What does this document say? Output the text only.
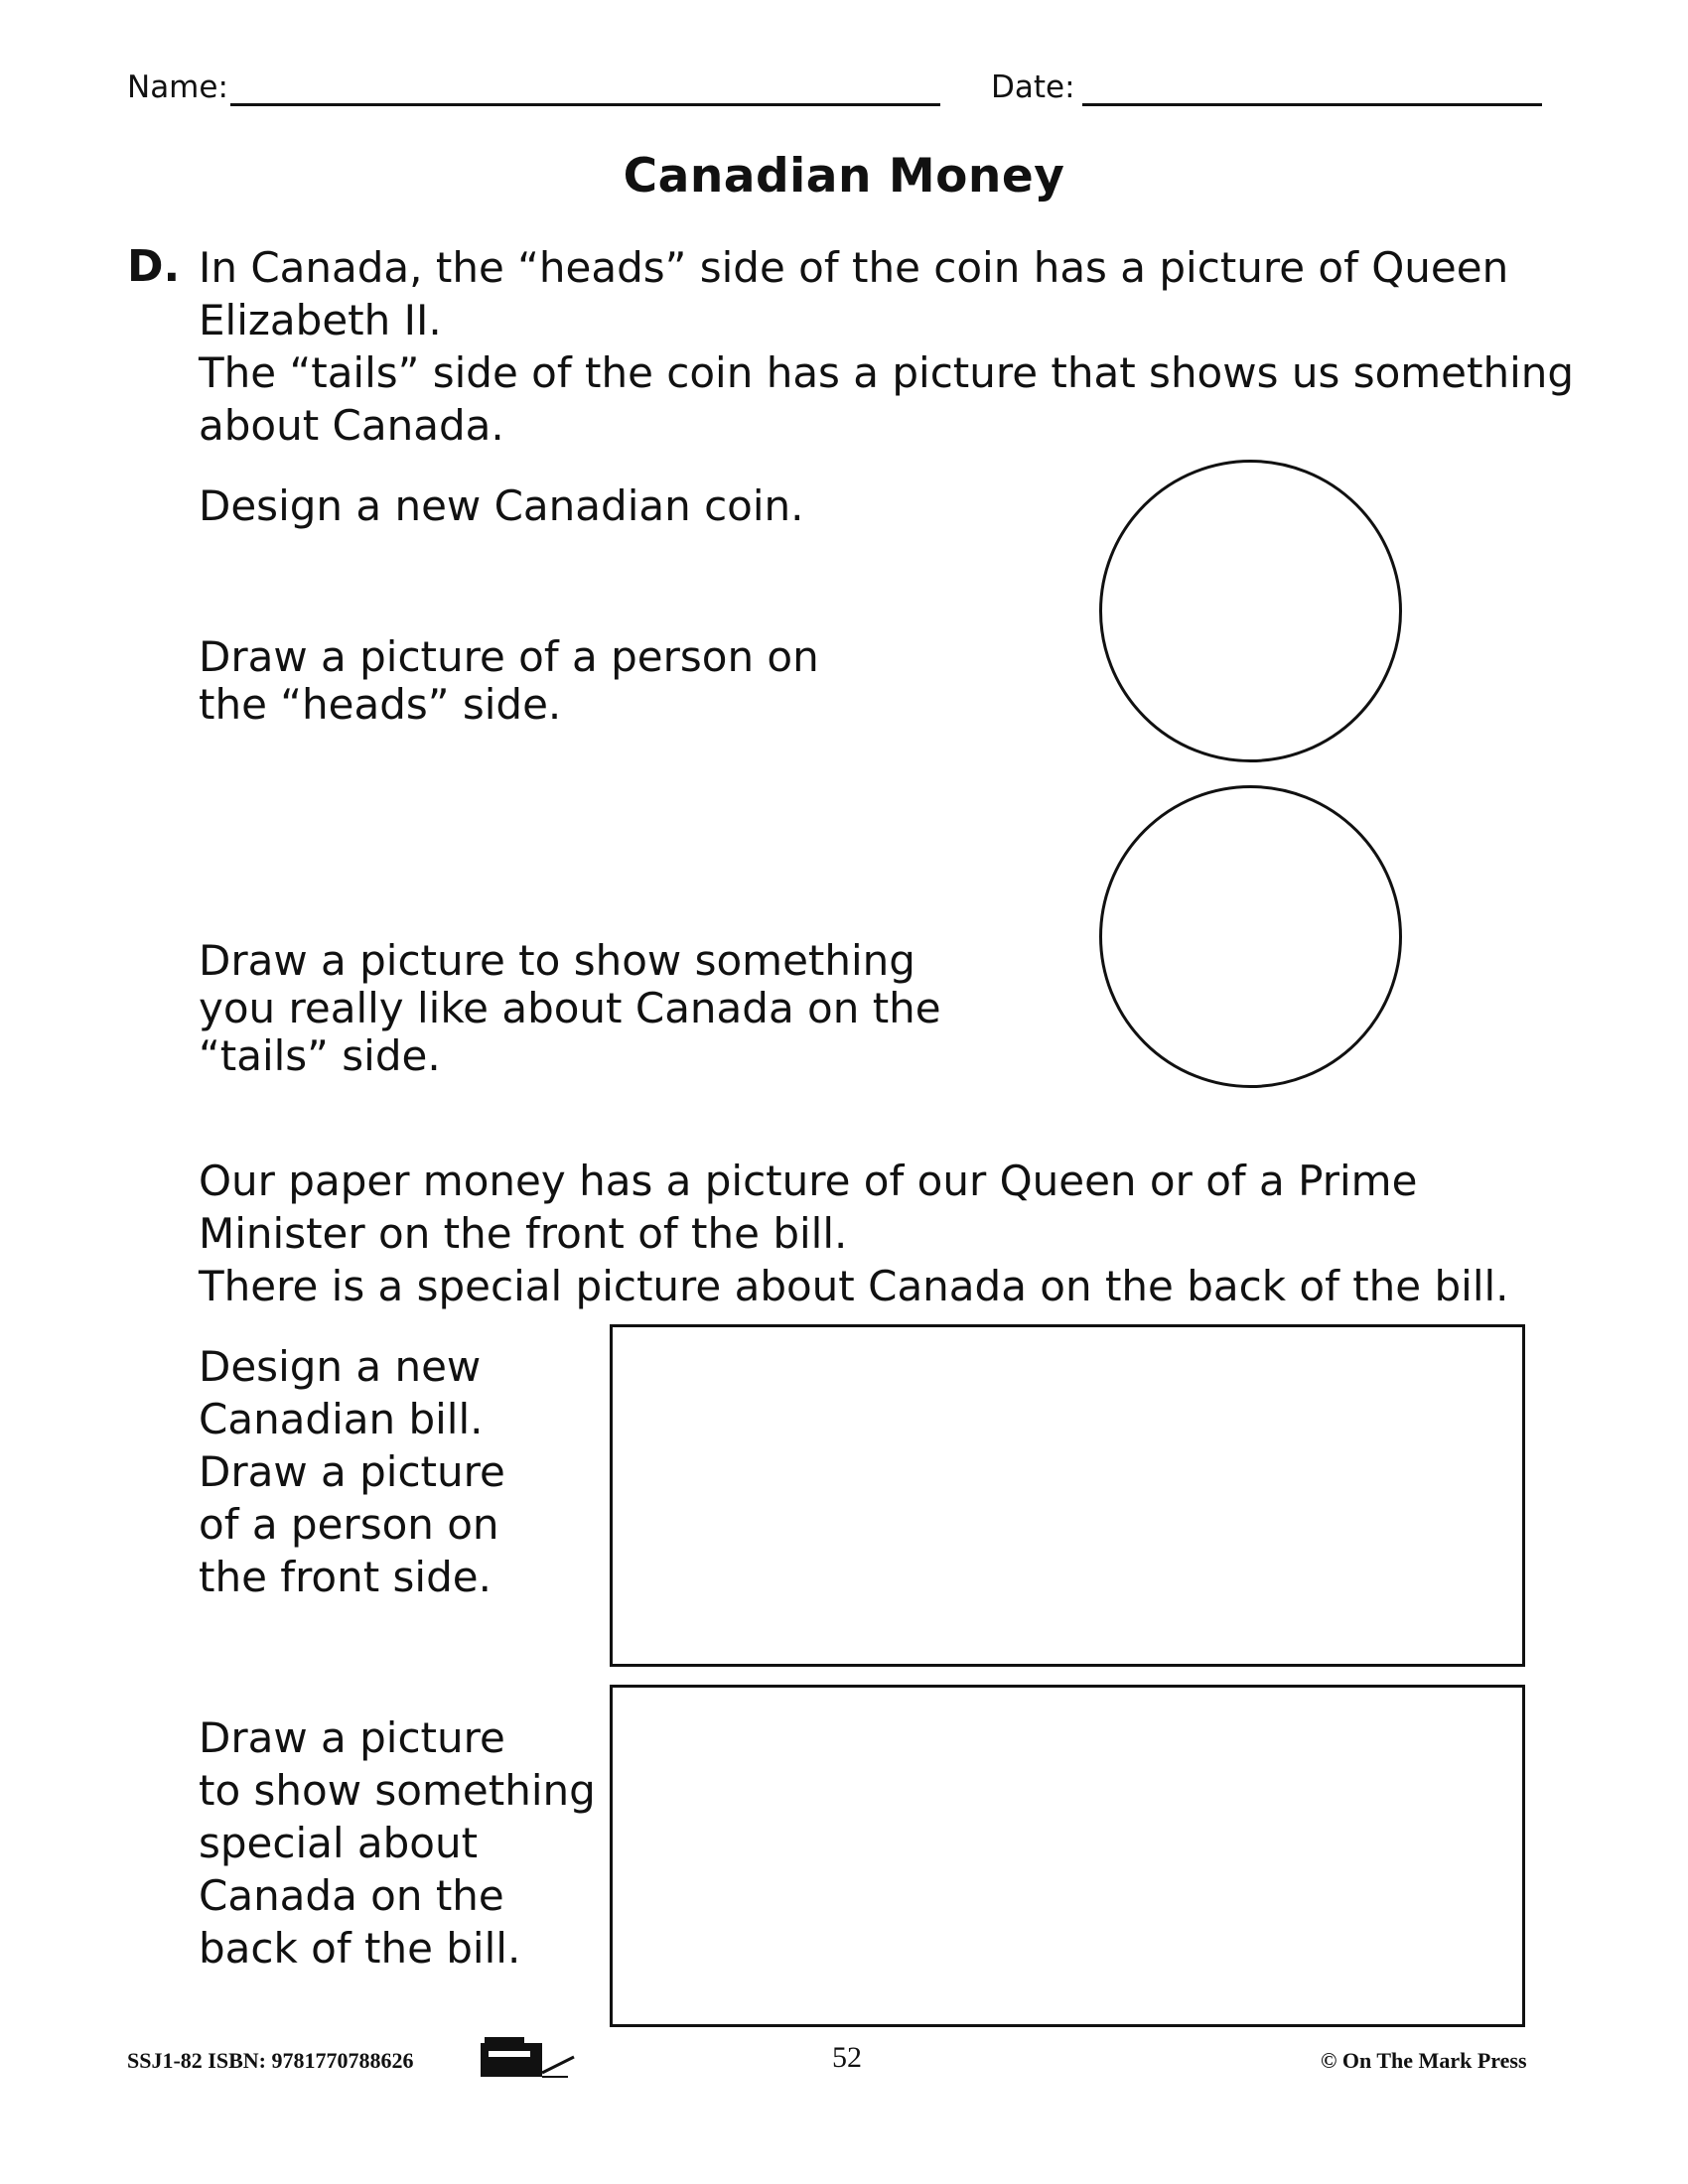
Name:	Date:
Canadian Money
D. In Canada, the “heads” side of the coin has a picture of Queen
Elizabeth II.
The “tails” side of the coin has a picture that shows us something
about Canada.
Design a new Canadian coin.
Draw a picture of a person on
the “heads” side.
Draw a picture to show something
you really like about Canada on the
“tails” side.
Our paper money has a picture of our Queen or of a Prime
Minister on the front of the bill.
There is a special picture about Canada on the back of the bill.
Design a new
Canadian bill.
Draw a picture
of a person on
the front side.
Draw a picture
to show something
special about
Canada on the
back of the bill.
SSJ1-82 ISBN: 9781770788626	52	© On The Mark Press
